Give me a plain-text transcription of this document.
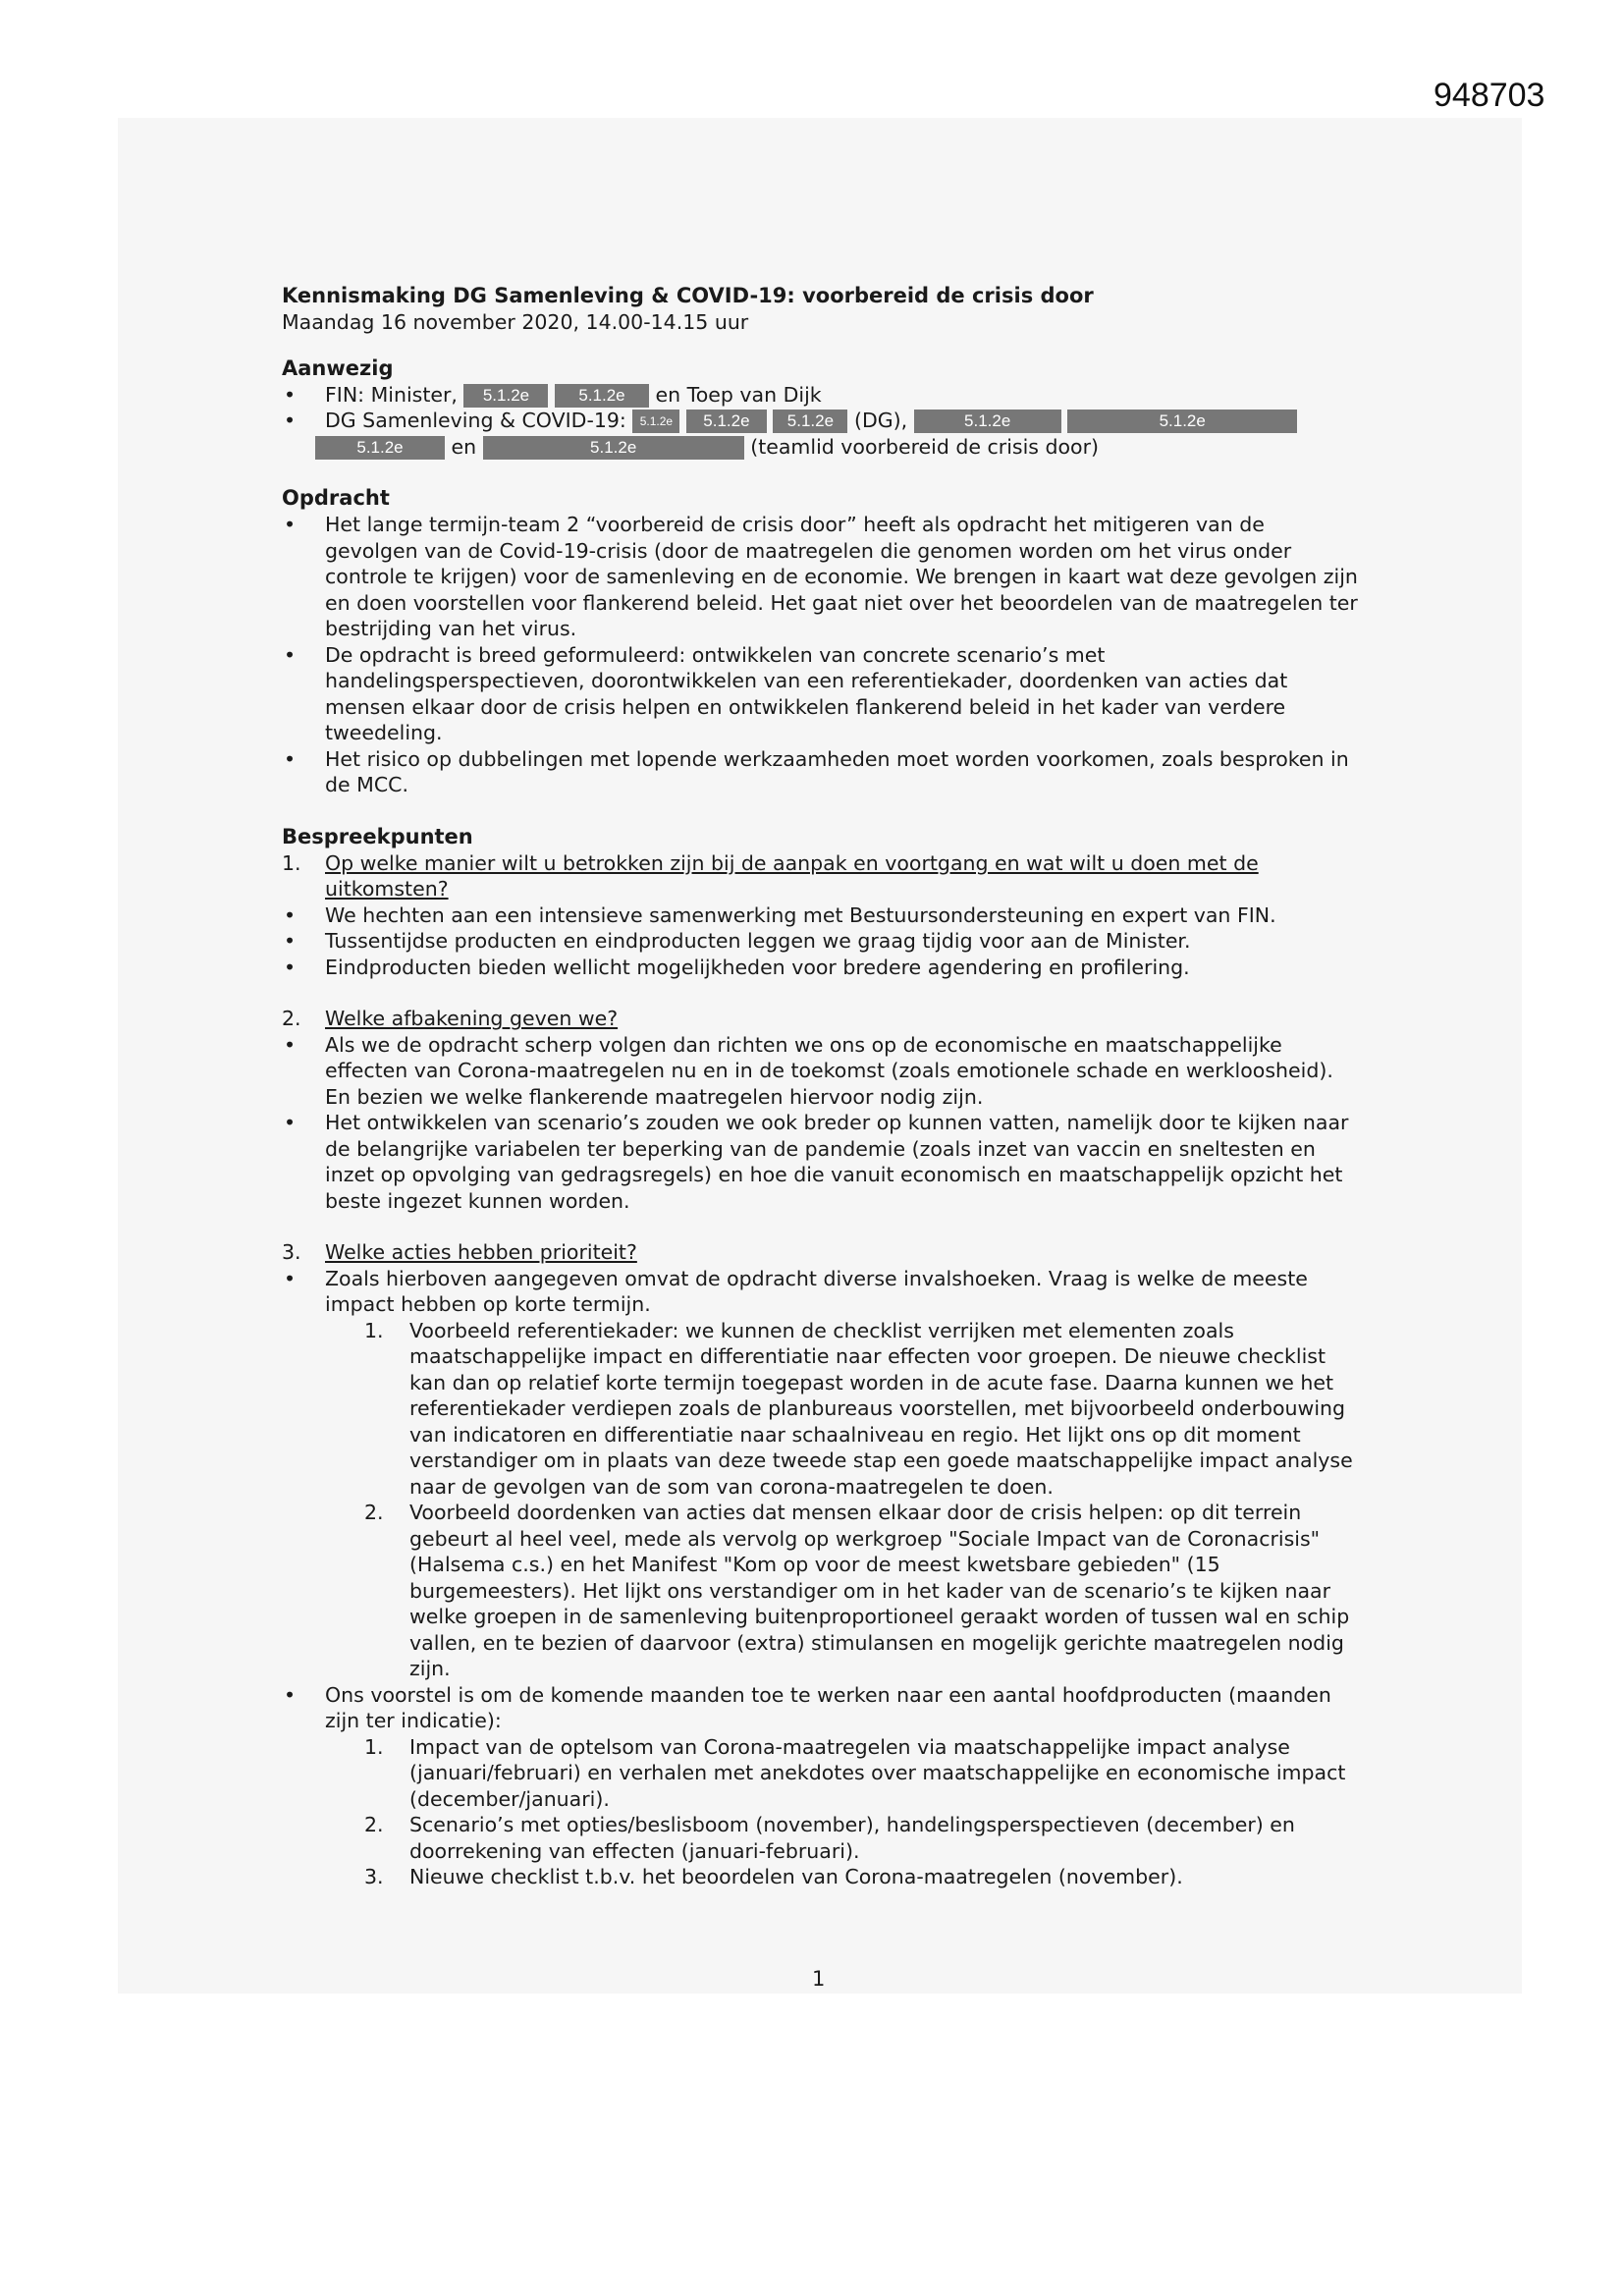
948703
Kennismaking DG Samenleving & COVID-19: voorbereid de crisis door

Maandag 16 november 2020, 14.00-14.15 uur

Aanwezig
• FIN: Minister, 5.1.2e	5.1.2e en Toep van Dijk
• DG Samenleving & COVID-19: 5.1.2e 5.1.2e 5.1.2e (DG),	5.1.2e	5.1.2e
5.1.2e en	5.1.2e	(teamlid voorbereid de crisis door)
Opdracht
• Het lange termijn-team 2 “voorbereid de crisis door” heeft als opdracht het mitigeren van de gevolgen van de Covid-19-crisis (door de maatregelen die genomen worden om het virus onder controle te krijgen) voor de samenleving en de economie. We brengen in kaart wat deze gevolgen zijn en doen voorstellen voor flankerend beleid. Het gaat niet over het beoordelen van de maatregelen ter bestrijding van het virus.
• De opdracht is breed geformuleerd: ontwikkelen van concrete scenario’s met handelingsperspectieven, doorontwikkelen van een referentiekader, doordenken van acties dat mensen elkaar door de crisis helpen en ontwikkelen flankerend beleid in het kader van verdere tweedeling.
• Het risico op dubbelingen met lopende werkzaamheden moet worden voorkomen, zoals besproken in de MCC.
Bespreekpunten
1. Op welke manier wilt u betrokken zijn bij de aanpak en voortgang en wat wilt u doen met de uitkomsten?
• We hechten aan een intensieve samenwerking met Bestuursondersteuning en expert van FIN.
• Tussentijdse producten en eindproducten leggen we graag tijdig voor aan de Minister.
• Eindproducten bieden wellicht mogelijkheden voor bredere agendering en profilering.
2. Welke afbakening geven we?
• Als we de opdracht scherp volgen dan richten we ons op de economische en maatschappelijke effecten van Corona-maatregelen nu en in de toekomst (zoals emotionele schade en werkloosheid). En bezien we welke flankerende maatregelen hiervoor nodig zijn.
• Het ontwikkelen van scenario’s zouden we ook breder op kunnen vatten, namelijk door te kijken naar de belangrijke variabelen ter beperking van de pandemie (zoals inzet van vaccin en sneltesten en inzet op opvolging van gedragsregels) en hoe die vanuit economisch en maatschappelijk opzicht het beste ingezet kunnen worden.
3. Welke acties hebben prioriteit?
• Zoals hierboven aangegeven omvat de opdracht diverse invalshoeken. Vraag is welke de meeste impact hebben op korte termijn.
1. Voorbeeld referentiekader: we kunnen de checklist verrijken met elementen zoals maatschappelijke impact en differentiatie naar effecten voor groepen. De nieuwe checklist kan dan op relatief korte termijn toegepast worden in de acute fase. Daarna kunnen we het referentiekader verdiepen zoals de planbureaus voorstellen, met bijvoorbeeld onderbouwing van indicatoren en differentiatie naar schaalniveau en regio. Het lijkt ons op dit moment verstandiger om in plaats van deze tweede stap een goede maatschappelijke impact analyse naar de gevolgen van de som van corona-maatregelen te doen.
2. Voorbeeld doordenken van acties dat mensen elkaar door de crisis helpen: op dit terrein gebeurt al heel veel, mede als vervolg op werkgroep "Sociale Impact van de Coronacrisis" (Halsema c.s.) en het Manifest "Kom op voor de meest kwetsbare gebieden" (15 burgemeesters). Het lijkt ons verstandiger om in het kader van de scenario’s te kijken naar welke groepen in de samenleving buitenproportioneel geraakt worden of tussen wal en schip vallen, en te bezien of daarvoor (extra) stimulansen en mogelijk gerichte maatregelen nodig zijn.
• Ons voorstel is om de komende maanden toe te werken naar een aantal hoofdproducten (maanden zijn ter indicatie):
1. Impact van de optelsom van Corona-maatregelen via maatschappelijke impact analyse (januari/februari) en verhalen met anekdotes over maatschappelijke en economische impact (december/januari).
2. Scenario’s met opties/beslisboom (november), handelingsperspectieven (december) en doorrekening van effecten (januari-februari).
3. Nieuwe checklist t.b.v. het beoordelen van Corona-maatregelen (november).
1
